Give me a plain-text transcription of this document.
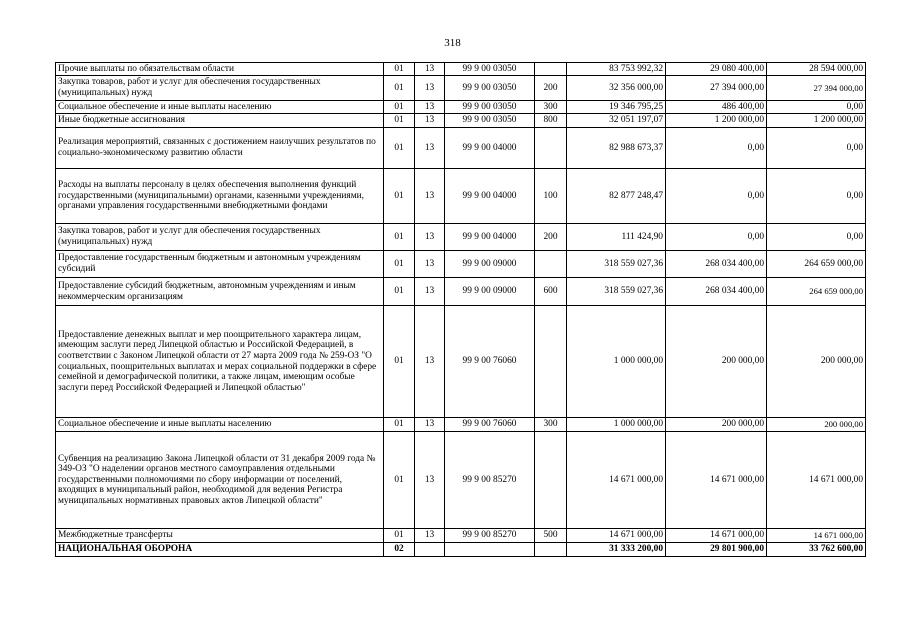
318
Прочие выплаты по обязательствам области	01	13	99 9 00 03050		83 753 992,32	29 080 400,00	28 594 000,00
Закупка товаров, работ и услуг для обеспечения государственных (муниципальных) нужд	01	13	99 9 00 03050	200	32 356 000,00	27 394 000,00	27 394 000,00
Социальное обеспечение и иные выплаты населению	01	13	99 9 00 03050	300	19 346 795,25	486 400,00	0,00
Иные бюджетные ассигнования	01	13	99 9 00 03050	800	32 051 197,07	1 200 000,00	1 200 000,00
Реализация мероприятий, связанных с достижением наилучших результатов по социально-экономическому развитию области	01	13	99 9 00 04000		82 988 673,37	0,00	0,00
Расходы на выплаты персоналу в целях обеспечения выполнения функций государственными (муниципальными) органами, казенными учреждениями, органами управления государственными внебюджетными фондами	01	13	99 9 00 04000	100	82 877 248,47	0,00	0,00
Закупка товаров, работ и услуг для обеспечения государственных (муниципальных) нужд	01	13	99 9 00 04000	200	111 424,90	0,00	0,00
Предоставление государственным бюджетным и автономным учреждениям субсидий	01	13	99 9 00 09000		318 559 027,36	268 034 400,00	264 659 000,00
Предоставление субсидий бюджетным, автономным учреждениям и иным некоммерческим организациям	01	13	99 9 00 09000	600	318 559 027,36	268 034 400,00	264 659 000,00
Предоставление денежных выплат и мер поощрительного характера лицам, имеющим заслуги перед Липецкой областью и Российской Федерацией, в соответствии с Законом Липецкой области от 27 марта 2009 года № 259-ОЗ "О социальных, поощрительных выплатах и мерах социальной поддержки в сфере семейной и демографической политики, а также лицам, имеющим особые заслуги перед Российской Федерацией и Липецкой областью"	01	13	99 9 00 76060		1 000 000,00	200 000,00	200 000,00
Социальное обеспечение и иные выплаты населению	01	13	99 9 00 76060	300	1 000 000,00	200 000,00	200 000,00
Субвенция на реализацию Закона Липецкой области от 31 декабря 2009 года № 349-ОЗ "О наделении органов местного самоуправления отдельными государственными полномочиями по сбору информации от поселений, входящих в муниципальный район, необходимой для ведения Регистра муниципальных нормативных правовых актов Липецкой области"	01	13	99 9 00 85270		14 671 000,00	14 671 000,00	14 671 000,00
Межбюджетные трансферты	01	13	99 9 00 85270	500	14 671 000,00	14 671 000,00	14 671 000,00
НАЦИОНАЛЬНАЯ ОБОРОНА	02				31 333 200,00	29 801 900,00	33 762 600,00
